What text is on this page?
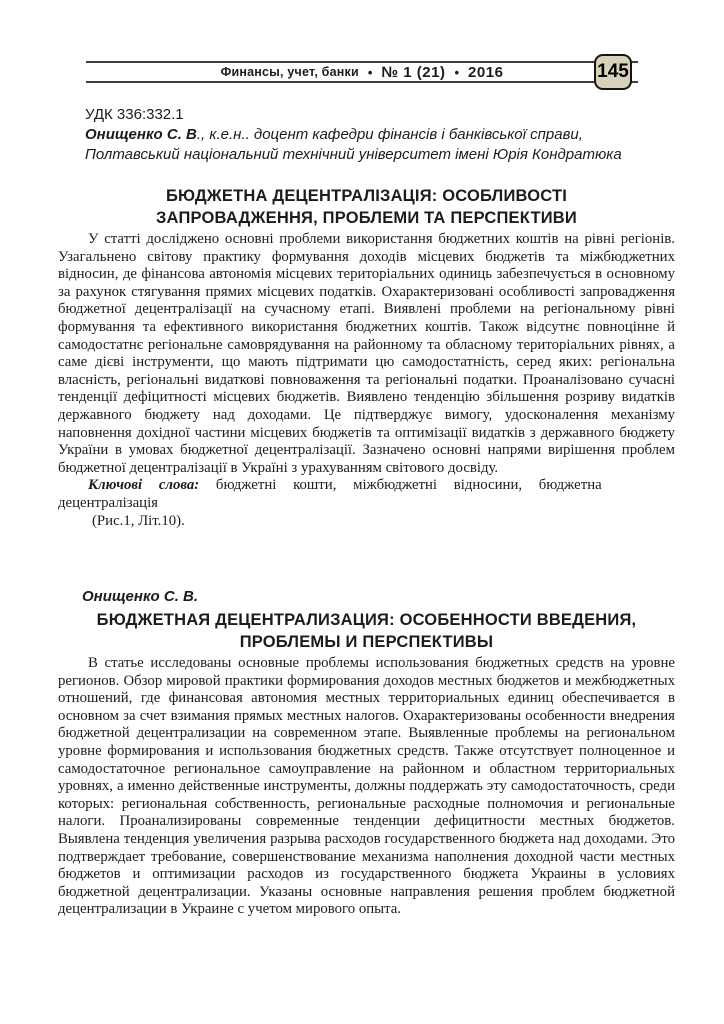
Финансы, учет, банки • № 1 (21) • 2016	145
УДК 336:332.1
Онищенко С. В., к.е.н.. доцент кафедри фінансів і банківської справи,
Полтавський національний технічний університет імені Юрія Кондратюка
БЮДЖЕТНА ДЕЦЕНТРАЛІЗАЦІЯ: ОСОБЛИВОСТІ
ЗАПРОВАДЖЕННЯ, ПРОБЛЕМИ ТА ПЕРСПЕКТИВИ

У статті досліджено основні проблеми використання бюджетних коштів на рівні регіонів. Узагальнено світову практику формування доходів місцевих бюджетів та міжбюджетних відносин, де фінансова автономія місцевих територіальних одиниць забезпечується в основному за рахунок стягування прямих місцевих податків. Охарактеризовані особливості запровадження бюджетної децентралізації на сучасному етапі. Виявлені проблеми на регіональному рівні формування та ефективного використання бюджетних коштів. Також відсутнє повноцінне й самодостатнє регіональне самоврядування на районному та обласному територіальних рівнях, а саме дієві інструменти, що мають підтримати цю самодостатність, серед яких: регіональна власність, регіональні видаткові повноваження та регіональні податки. Проаналізовано сучасні тенденції дефіцитності місцевих бюджетів. Виявлено тенденцію збільшення розриву видатків державного бюджету над доходами. Це підтверджує вимогу, удосконалення механізму наповнення дохідної частини місцевих бюджетів та оптимізації видатків з державного бюджету України в умовах бюджетної децентралізації. Зазначено основні напрями вирішення проблем бюджетної децентралізації в Україні з урахуванням світового досвіду.

Ключові слова: бюджетні кошти, міжбюджетні відносини, бюджетна
децентралізація
(Рис.1, Літ.10).
Онищенко С. В.
БЮДЖЕТНАЯ ДЕЦЕНТРАЛИЗАЦИЯ: ОСОБЕННОСТИ ВВЕДЕНИЯ,
ПРОБЛЕМЫ И ПЕРСПЕКТИВЫ

В статье исследованы основные проблемы использования бюджетных средств на уровне регионов. Обзор мировой практики формирования доходов местных бюджетов и межбюджетных отношений, где финансовая автономия местных территориальных единиц обеспечивается в основном за счет взимания прямых местных налогов. Охарактеризованы особенности внедрения бюджетной децентрализации на современном этапе. Выявленные проблемы на региональном уровне формирования и использования бюджетных средств. Также отсутствует полноценное и самодостаточное региональное самоуправление на районном и областном территориальных уровнях, а именно действенные инструменты, должны поддержать эту самодостаточность, среди которых: региональная собственность, региональные расходные полномочия и региональные налоги. Проанализированы современные тенденции дефицитности местных бюджетов. Выявлена тенденция увеличения разрыва расходов государственного бюджета над доходами. Это подтверждает требование, совершенствование механизма наполнения доходной части местных бюджетов и оптимизации расходов из государственного бюджета Украины в условиях бюджетной децентрализации. Указаны основные направления решения проблем бюджетной децентрализации в Украине с учетом мирового опыта.
